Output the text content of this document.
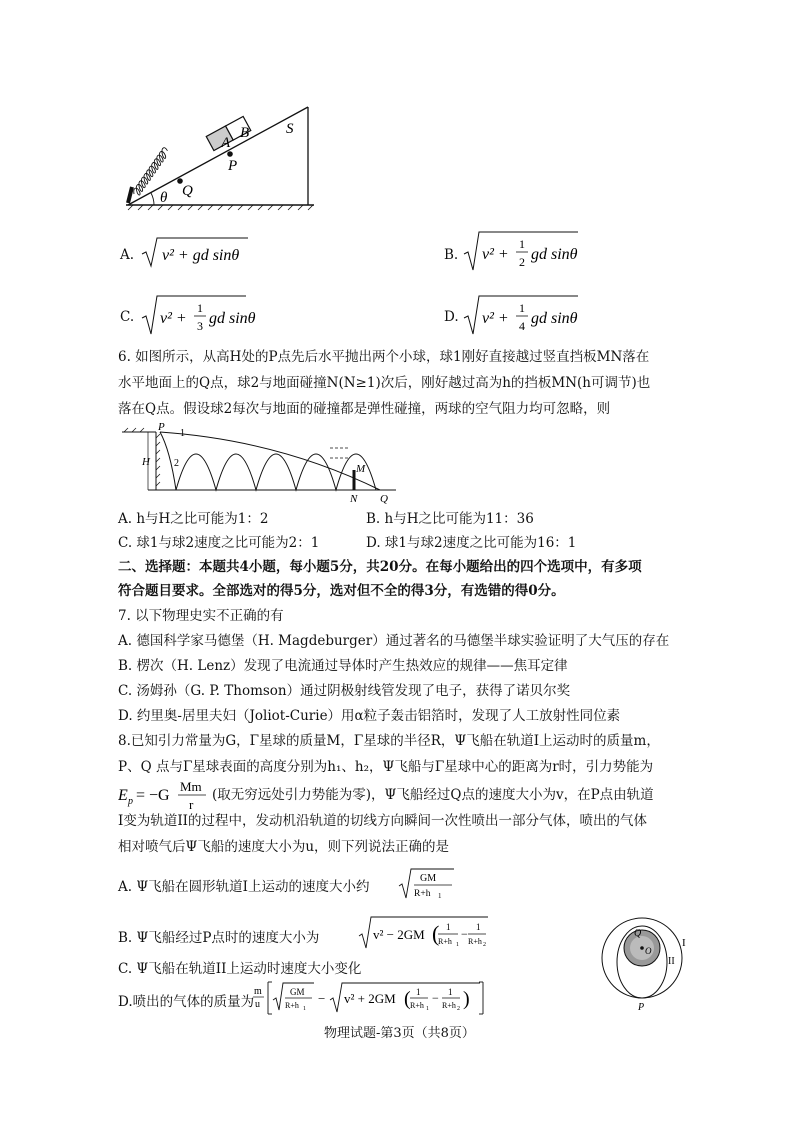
A
B
P
S
Q
θ
A. v² + gd sinθ	B. v² +
1
2 gd sinθ
C. v² +
1
3 gd sinθ	D. v² +
1
4 gd sinθ
6. 如图所示，从高H处的P点先后水平抛出两个小球，球1刚好直接越过竖直挡板MN落在
水平地面上的Q点，球2与地面碰撞N(N≥1)次后，刚好越过高为h的挡板MN(h可调节)也
落在Q点。假设球2每次与地面的碰撞都是弹性碰撞，两球的空气阻力均可忽略，则
H
P
1
2	M
N Q
A. h与H之比可能为1：2	B. h与H之比可能为11：36
C. 球1与球2速度之比可能为2：1	D. 球1与球2速度之比可能为16：1
二、选择题：本题共4小题，每小题5分，共20分。在每小题给出的四个选项中，有多项
符合题目要求。全部选对的得5分，选对但不全的得3分，有选错的得0分。
7. 以下物理史实不正确的有
A. 德国科学家马德堡（H. Magdeburger）通过著名的马德堡半球实验证明了大气压的存在
B. 楞次（H. Lenz）发现了电流通过导体时产生热效应的规律——焦耳定律
C. 汤姆孙（G. P. Thomson）通过阴极射线管发现了电子，获得了诺贝尔奖
D. 约里奥-居里夫妇（Joliot-Curie）用α粒子轰击铝箔时，发现了人工放射性同位素
8.已知引力常量为G，Γ星球的质量M，Γ星球的半径R，Ψ飞船在轨道I上运动时的质量m，
P、Q 点与Γ星球表面的高度分别为h₁、h₂，Ψ飞船与Γ星球中心的距离为r时，引力势能为
E p = −G
Mm
r
(取无穷远处引力势能为零)，Ψ飞船经过Q点的速度大小为v，在P点由轨道
I变为轨道II的过程中，发动机沿轨道的切线方向瞬间一次性喷出一部分气体，喷出的气体
相对喷气后Ψ飞船的速度大小为u，则下列说法正确的是
A. Ψ飞船在圆形轨道I上运动的速度大小约
GM
R+h 1
B. Ψ飞船经过P点时的速度大小为	v² − 2GM ( 1
R+h 1
− 1
R+h 2
C. Ψ飞船在轨道II上运动时速度大小变化
D.喷出的气体的质量为
m
u
GM
R+h 1
− v² + 2GM ( 1
R+h 1
− 1
R+h 2 )
Q
O
I
II
P
物理试题-第3页（共8页）
